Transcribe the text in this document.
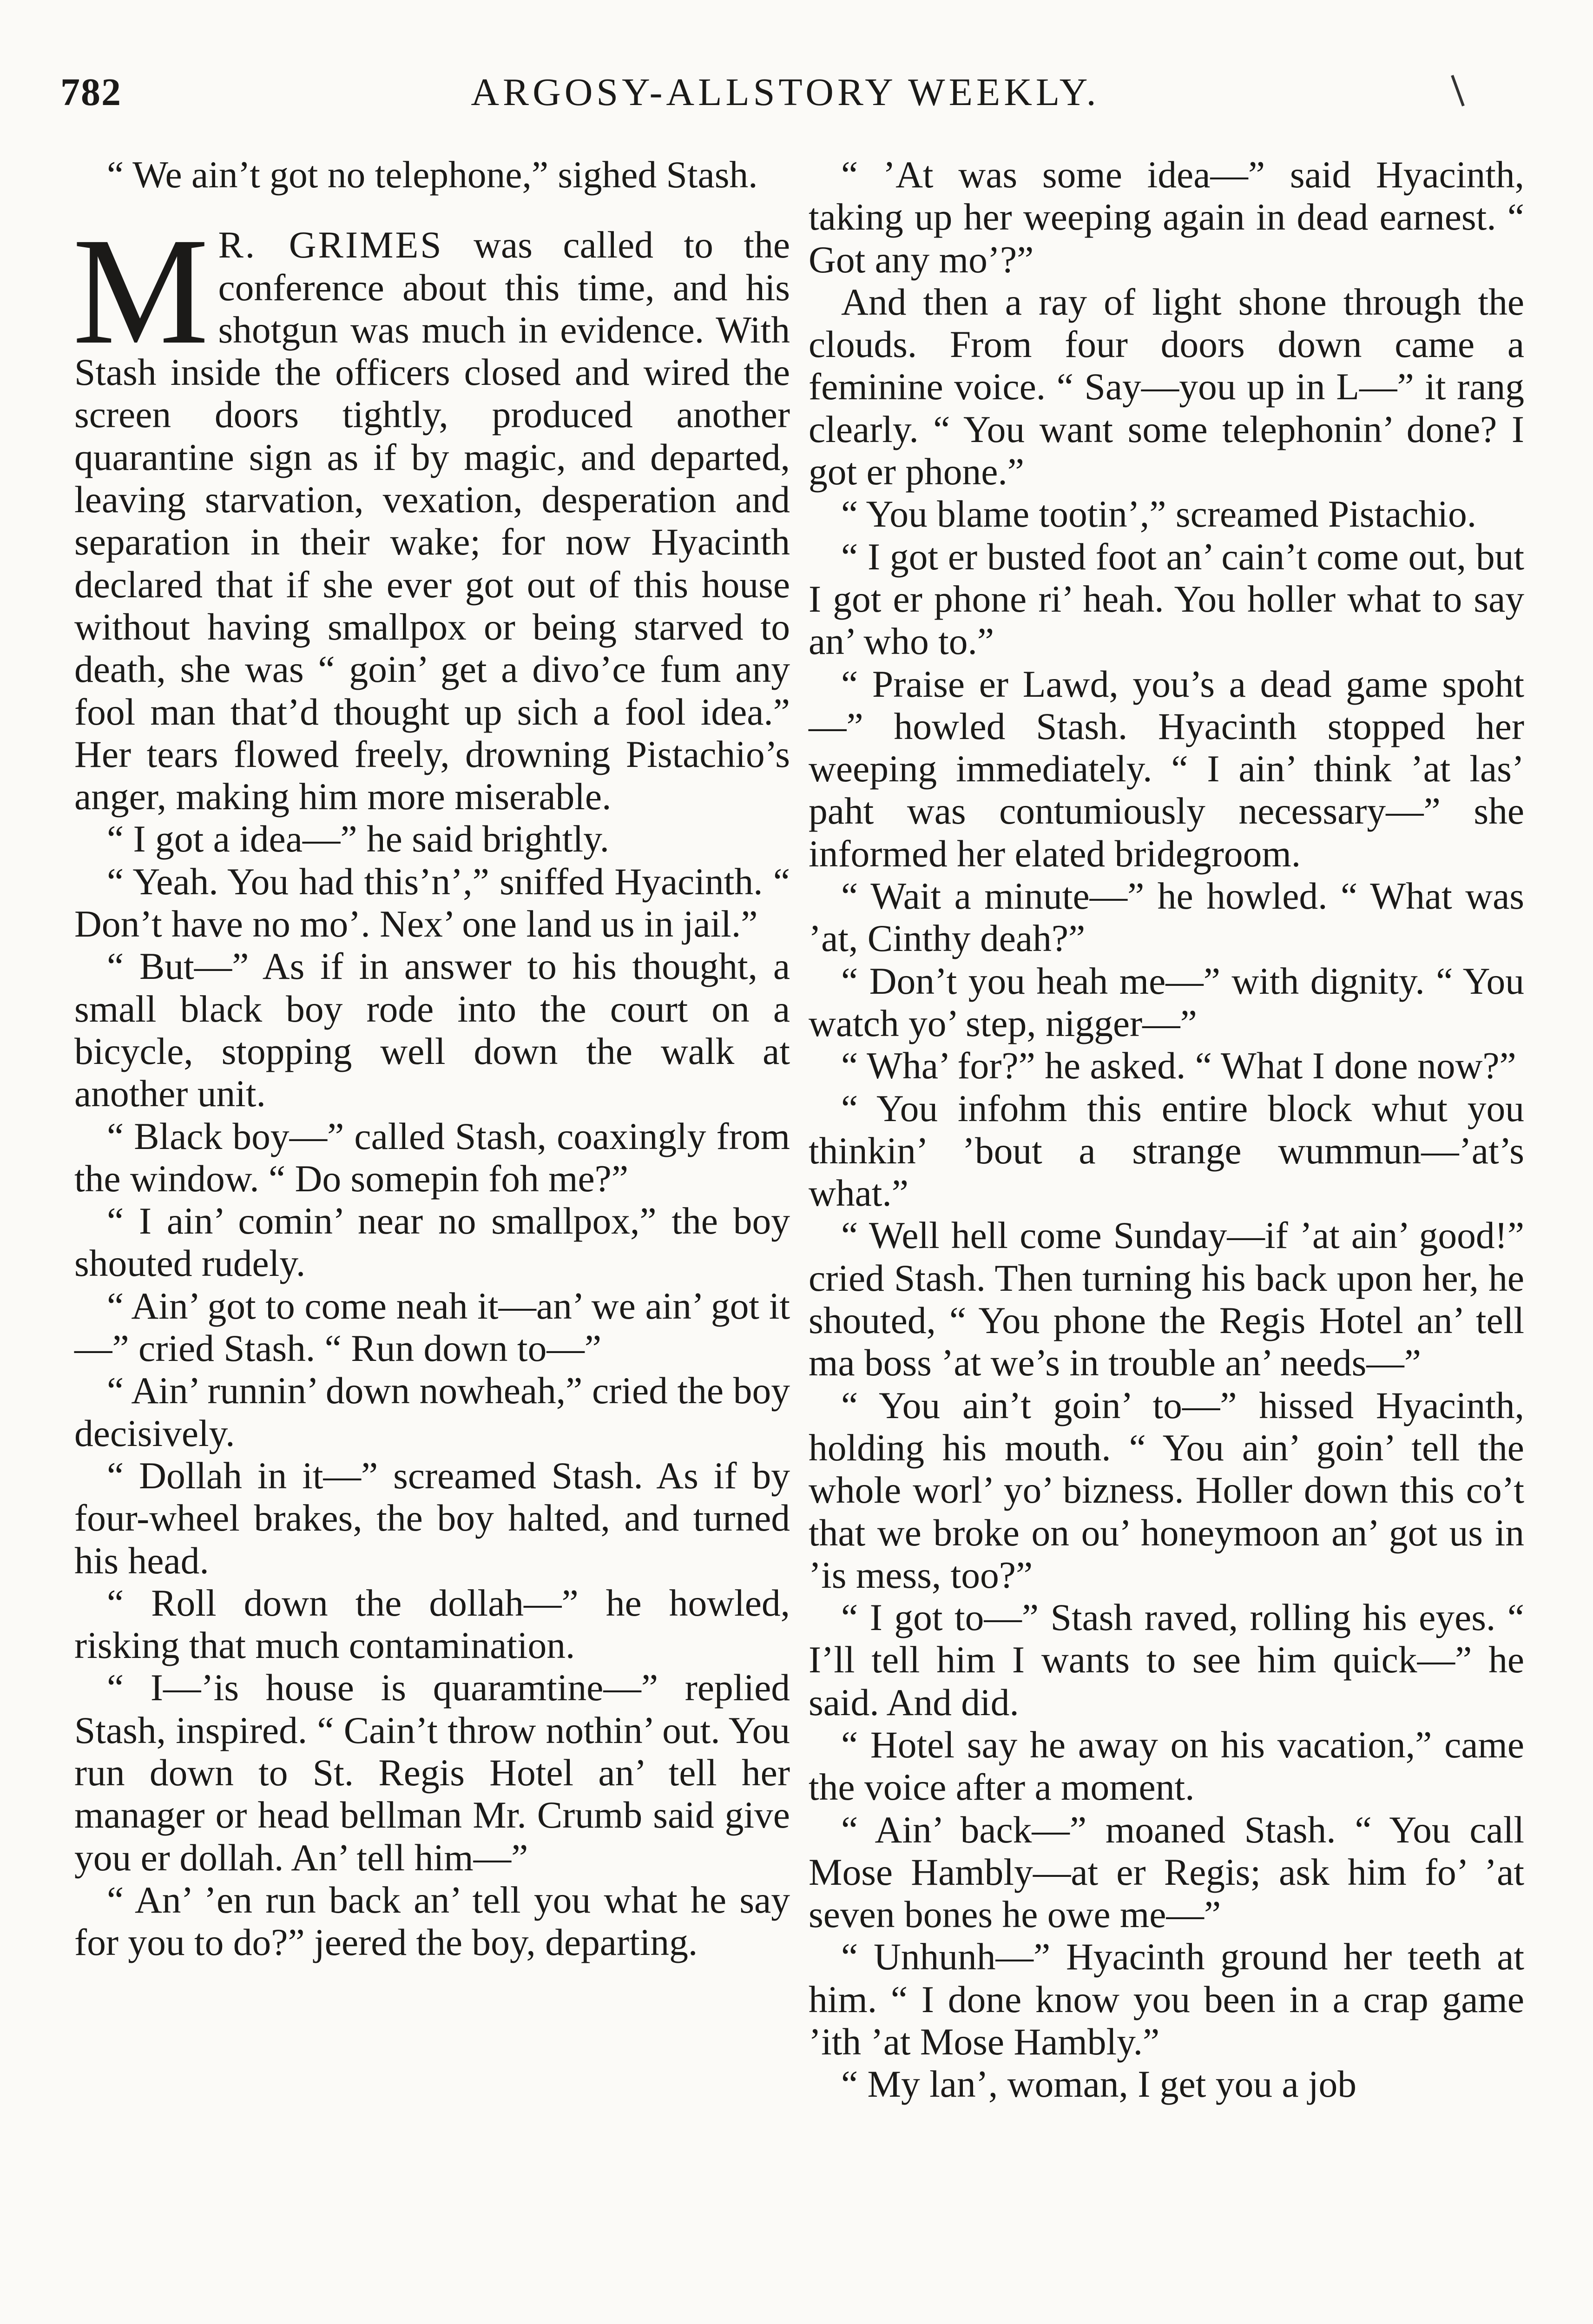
782	ARGOSY-ALLSTORY WEEKLY.

“ We ain’t got no telephone,” sighed Stash.

M R. GRIMES was called to the conference about this time, and his shotgun was much in evidence. With Stash inside the officers closed and wired the screen doors tightly, produced another quarantine sign as if by magic, and departed, leaving starvation, vexation, desperation and separation in their wake; for now Hyacinth declared that if she ever got out of this house without having smallpox or being starved to death, she was “ goin’ get a divo’ce fum any fool man that’d thought up sich a fool idea.” Her tears flowed freely, drowning Pistachio’s anger, making him more miserable.

“ I got a idea—” he said brightly.

“ Yeah. You had this’n’,” sniffed Hyacinth. “ Don’t have no mo’. Nex’ one land us in jail.”

“ But—” As if in answer to his thought, a small black boy rode into the court on a bicycle, stopping well down the walk at another unit.

“ Black boy—” called Stash, coaxingly from the window. “ Do somepin foh me?”

“ I ain’ comin’ near no smallpox,” the boy shouted rudely.

“ Ain’ got to come neah it—an’ we ain’ got it—” cried Stash. “ Run down to—”

“ Ain’ runnin’ down nowheah,” cried the boy decisively.

“ Dollah in it—” screamed Stash. As if by four-wheel brakes, the boy halted, and turned his head.

“ Roll down the dollah—” he howled, risking that much contamination.

“ I—’is house is quaramtine—” replied Stash, inspired. “ Cain’t throw nothin’ out. You run down to St. Regis Hotel an’ tell her manager or head bellman Mr. Crumb said give you er dollah. An’ tell him—”

“ An’ ’en run back an’ tell you what he say for you to do?” jeered the boy, departing.

“ ’At was some idea—” said Hyacinth, taking up her weeping again in dead earnest. “ Got any mo’?”

And then a ray of light shone through the clouds. From four doors down came a feminine voice. “ Say—you up in L—” it rang clearly. “ You want some telephonin’ done? I got er phone.”

“ You blame tootin’,” screamed Pistachio.

“ I got er busted foot an’ cain’t come out, but I got er phone ri’ heah. You holler what to say an’ who to.”

“ Praise er Lawd, you’s a dead game spoht—” howled Stash. Hyacinth stopped her weeping immediately. “ I ain’ think ’at las’ paht was contumiously necessary—” she informed her elated bridegroom.

“ Wait a minute—” he howled. “ What was ’at, Cinthy deah?”

“ Don’t you heah me—” with dignity. “ You watch yo’ step, nigger—”

“ Wha’ for?” he asked. “ What I done now?”

“ You infohm this entire block whut you thinkin’ ’bout a strange wummun—’at’s what.”

“ Well hell come Sunday—if ’at ain’ good!” cried Stash. Then turning his back upon her, he shouted, “ You phone the Regis Hotel an’ tell ma boss ’at we’s in trouble an’ needs—”

“ You ain’t goin’ to—” hissed Hyacinth, holding his mouth. “ You ain’ goin’ tell the whole worl’ yo’ bizness. Holler down this co’t that we broke on ou’ honeymoon an’ got us in ’is mess, too?”

“ I got to—” Stash raved, rolling his eyes. “ I’ll tell him I wants to see him quick—” he said. And did.

“ Hotel say he away on his vacation,” came the voice after a moment.

“ Ain’ back—” moaned Stash. “ You call Mose Hambly—at er Regis; ask him fo’ ’at seven bones he owe me—”

“ Unhunh—” Hyacinth ground her teeth at him. “ I done know you been in a crap game ’ith ’at Mose Hambly.”

“ My lan’, woman, I get you a job
